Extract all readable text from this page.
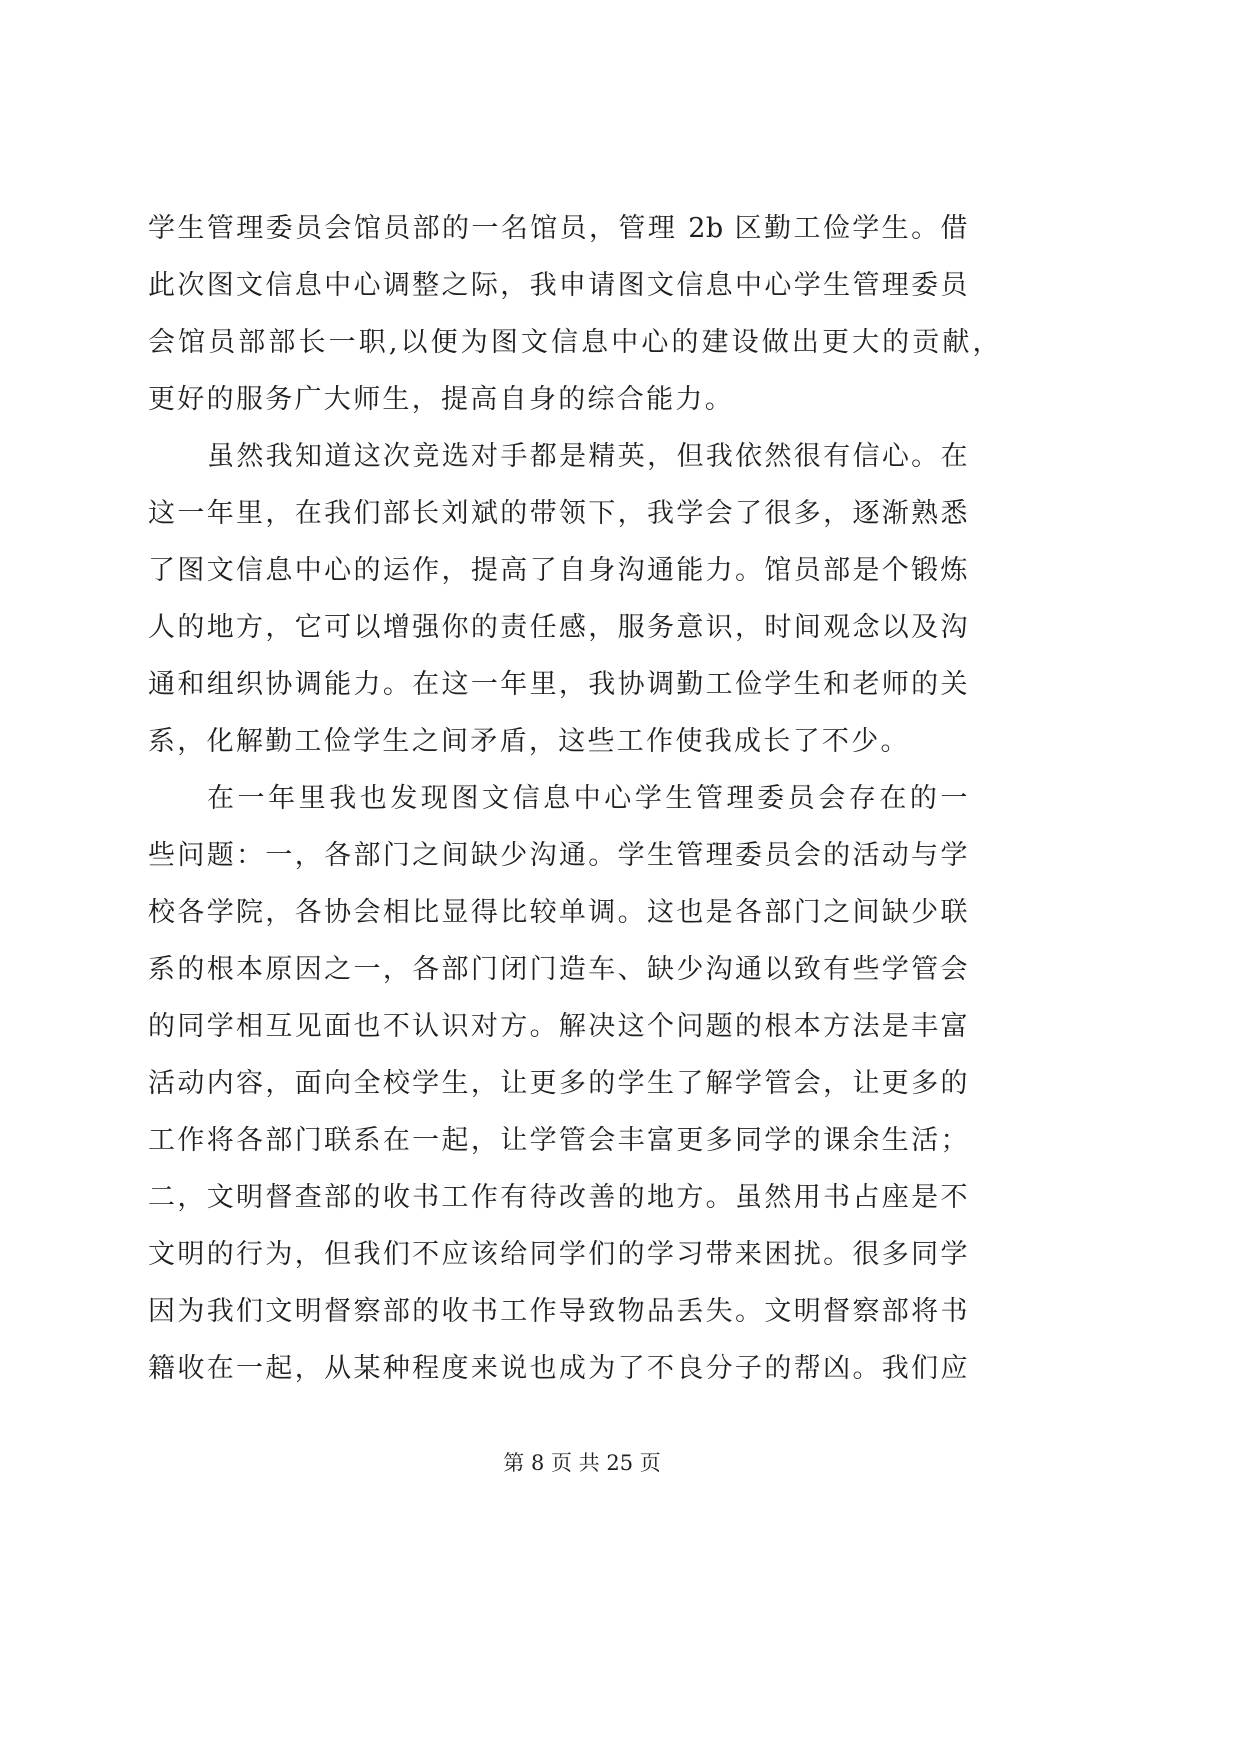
学生管理委员会馆员部的一名馆员，管理 2b 区勤工俭学生。借
此次图文信息中心调整之际，我申请图文信息中心学生管理委员
会馆员部部长一职,以便为图文信息中心的建设做出更大的贡献，
更好的服务广大师生，提高自身的综合能力。
虽然我知道这次竞选对手都是精英，但我依然很有信心。在
这一年里，在我们部长刘斌的带领下，我学会了很多，逐渐熟悉
了图文信息中心的运作，提高了自身沟通能力。馆员部是个锻炼
人的地方，它可以增强你的责任感，服务意识，时间观念以及沟
通和组织协调能力。在这一年里，我协调勤工俭学生和老师的关
系，化解勤工俭学生之间矛盾，这些工作使我成长了不少。
在一年里我也发现图文信息中心学生管理委员会存在的一
些问题：一，各部门之间缺少沟通。学生管理委员会的活动与学
校各学院，各协会相比显得比较单调。这也是各部门之间缺少联
系的根本原因之一，各部门闭门造车、缺少沟通以致有些学管会
的同学相互见面也不认识对方。解决这个问题的根本方法是丰富
活动内容，面向全校学生，让更多的学生了解学管会，让更多的
工作将各部门联系在一起，让学管会丰富更多同学的课余生活；
二，文明督查部的收书工作有待改善的地方。虽然用书占座是不
文明的行为，但我们不应该给同学们的学习带来困扰。很多同学
因为我们文明督察部的收书工作导致物品丢失。文明督察部将书
籍收在一起，从某种程度来说也成为了不良分子的帮凶。我们应
第 8 页 共 25 页
